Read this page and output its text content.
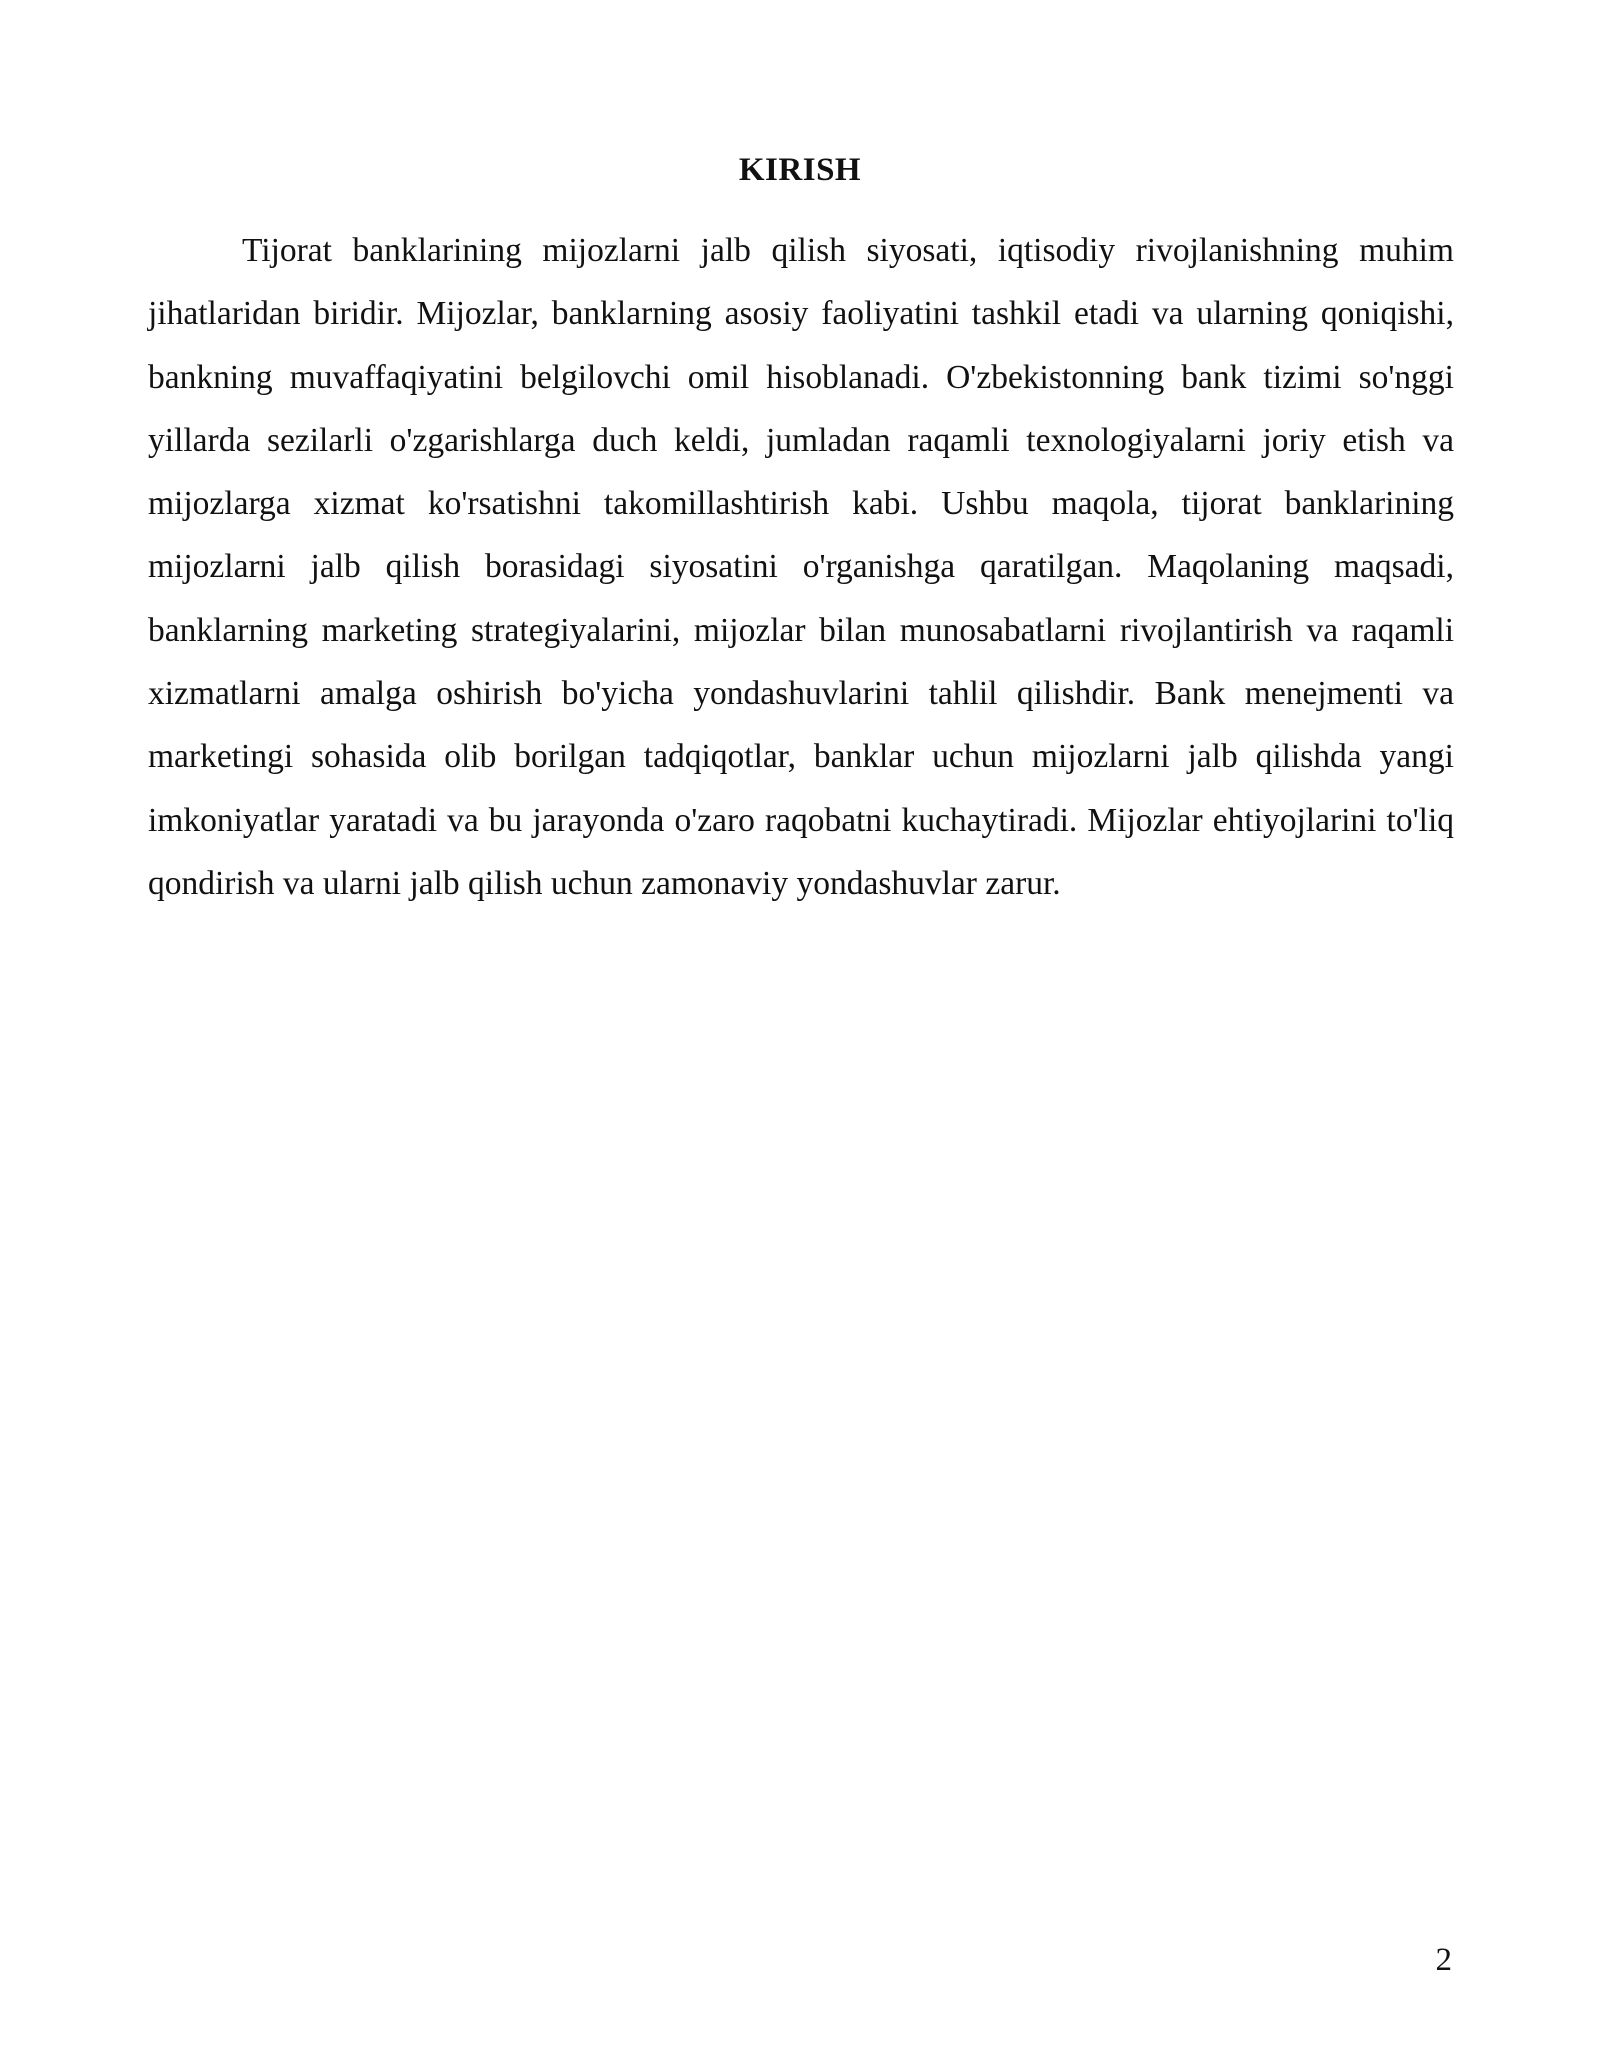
KIRISH

Tijorat banklarining mijozlarni jalb qilish siyosati, iqtisodiy rivojlanishning muhim jihatlaridan biridir. Mijozlar, banklarning asosiy faoliyatini tashkil etadi va ularning qoniqishi, bankning muvaffaqiyatini belgilovchi omil hisoblanadi. O'zbekistonning bank tizimi so'nggi yillarda sezilarli o'zgarishlarga duch keldi, jumladan raqamli texnologiyalarni joriy etish va mijozlarga xizmat ko'rsatishni takomillashtirish kabi. Ushbu maqola, tijorat banklarining mijozlarni jalb qilish borasidagi siyosatini o'rganishga qaratilgan. Maqolaning maqsadi, banklarning marketing strategiyalarini, mijozlar bilan munosabatlarni rivojlantirish va raqamli xizmatlarni amalga oshirish bo'yicha yondashuvlarini tahlil qilishdir. Bank menejmenti va marketingi sohasida olib borilgan tadqiqotlar, banklar uchun mijozlarni jalb qilishda yangi imkoniyatlar yaratadi va bu jarayonda o'zaro raqobatni kuchaytiradi. Mijozlar ehtiyojlarini to'liq qondirish va ularni jalb qilish uchun zamonaviy yondashuvlar zarur.

2
